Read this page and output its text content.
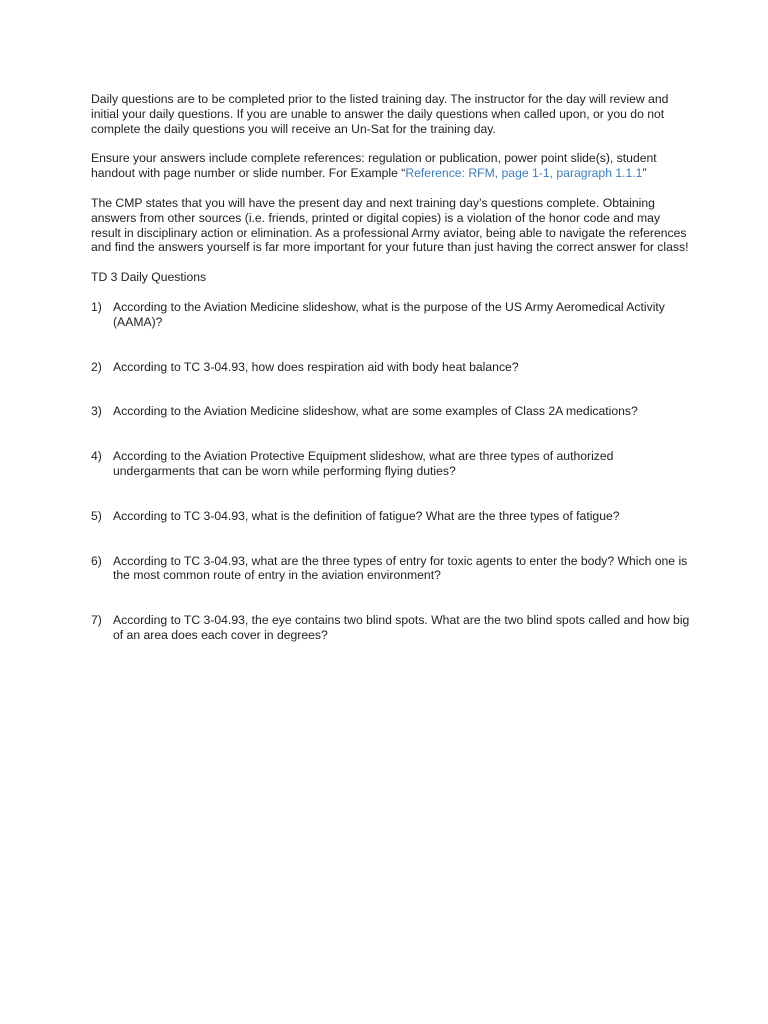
Daily questions are to be completed prior to the listed training day. The instructor for the day will review and initial your daily questions. If you are unable to answer the daily questions when called upon, or you do not complete the daily questions you will receive an Un-Sat for the training day.

Ensure your answers include complete references: regulation or publication, power point slide(s), student handout with page number or slide number. For Example “Reference: RFM, page 1-1, paragraph 1.1.1”

The CMP states that you will have the present day and next training day’s questions complete. Obtaining answers from other sources (i.e. friends, printed or digital copies) is a violation of the honor code and may result in disciplinary action or elimination. As a professional Army aviator, being able to navigate the references and find the answers yourself is far more important for your future than just having the correct answer for class!

TD 3 Daily Questions

1) According to the Aviation Medicine slideshow, what is the purpose of the US Army Aeromedical Activity (AAMA)?
2) According to TC 3-04.93, how does respiration aid with body heat balance?
3) According to the Aviation Medicine slideshow, what are some examples of Class 2A medications?
4) According to the Aviation Protective Equipment slideshow, what are three types of authorized undergarments that can be worn while performing flying duties?
5) According to TC 3-04.93, what is the definition of fatigue? What are the three types of fatigue?
6) According to TC 3-04.93, what are the three types of entry for toxic agents to enter the body? Which one is the most common route of entry in the aviation environment?
7) According to TC 3-04.93, the eye contains two blind spots. What are the two blind spots called and how big of an area does each cover in degrees?
